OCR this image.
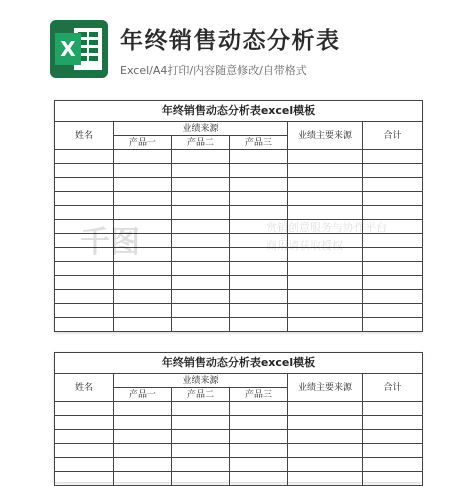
X 年终销售动态分析表
Excel/A4打印/内容随意修改/自带格式
年终销售动态分析表excel模板					
姓名	业绩来源			业绩主要来源	合计
	产品一	产品二	产品三		

年终销售动态分析表excel模板					
姓名	业绩来源			业绩主要来源	合计
	产品一	产品二	产品三		
